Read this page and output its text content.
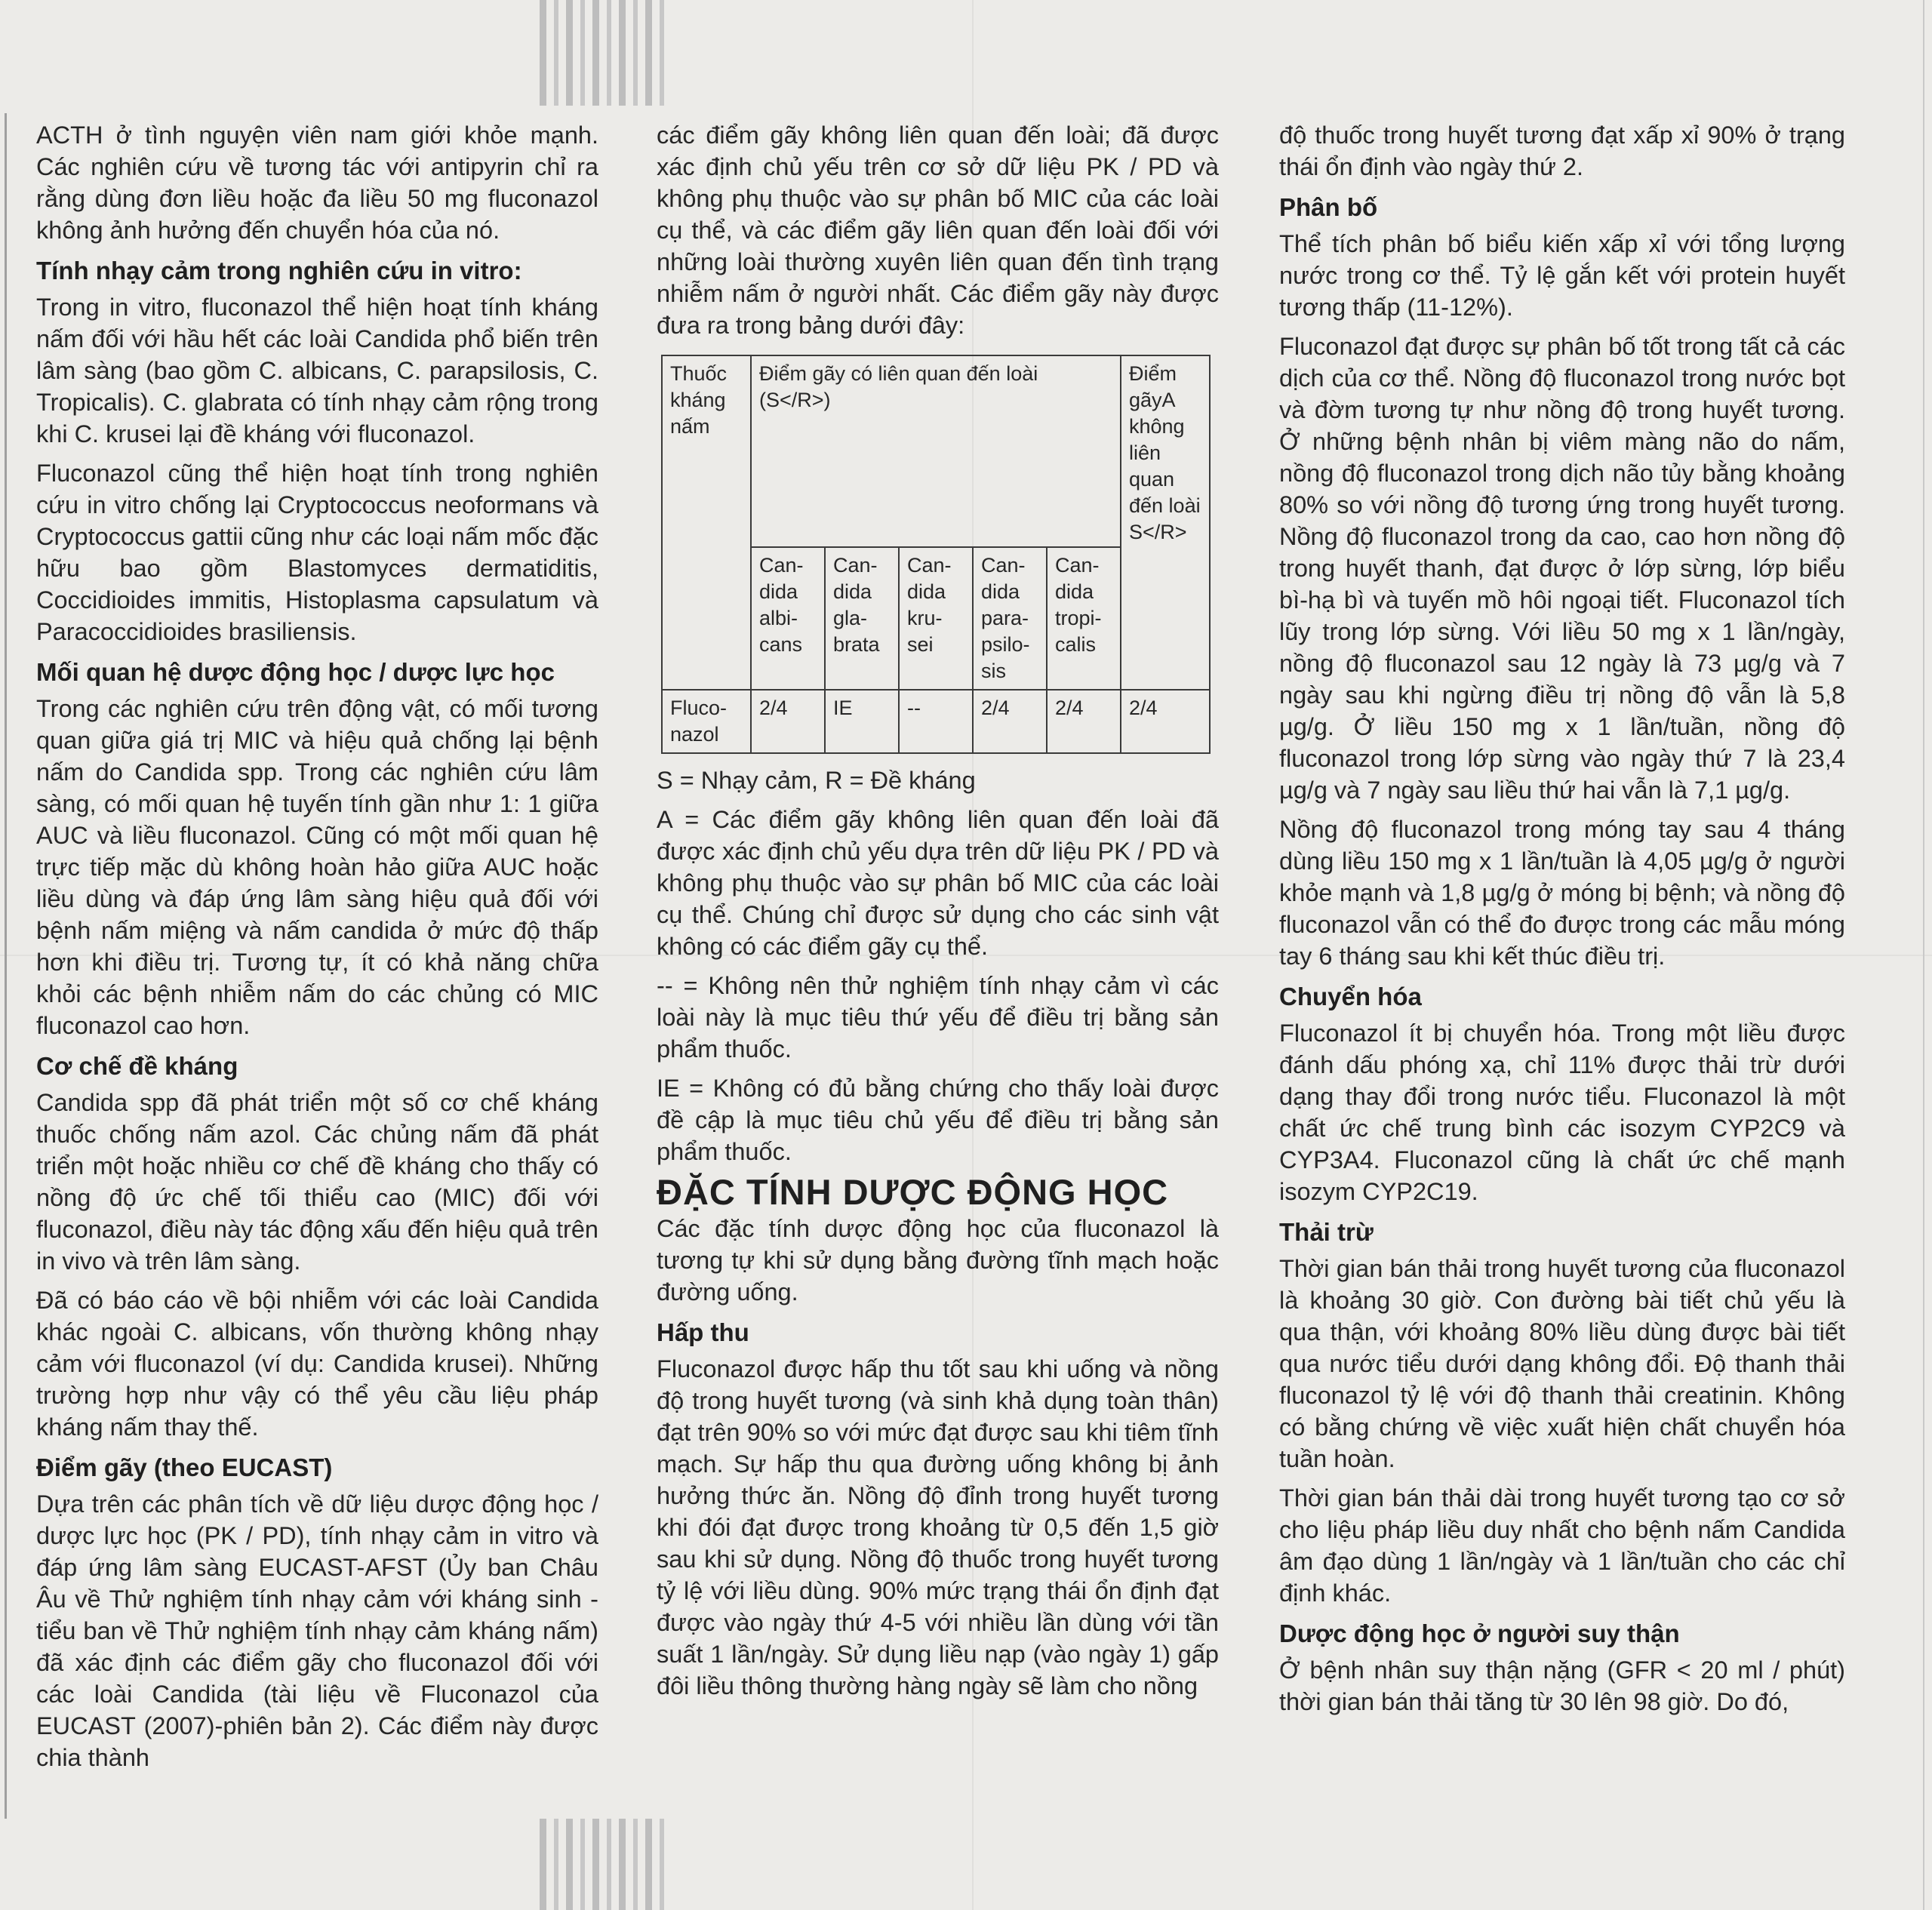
ACTH ở tình nguyện viên nam giới khỏe mạnh. Các nghiên cứu về tương tác với antipyrin chỉ ra rằng dùng đơn liều hoặc đa liều 50 mg fluconazol không ảnh hưởng đến chuyển hóa của nó.

Tính nhạy cảm trong nghiên cứu in vitro:

Trong in vitro, fluconazol thể hiện hoạt tính kháng nấm đối với hầu hết các loài Candida phổ biến trên lâm sàng (bao gồm C. albicans, C. parapsilosis, C. Tropicalis). C. glabrata có tính nhạy cảm rộng trong khi C. krusei lại đề kháng với fluconazol.

Fluconazol cũng thể hiện hoạt tính trong nghiên cứu in vitro chống lại Cryptococcus neoformans và Cryptococcus gattii cũng như các loại nấm mốc đặc hữu bao gồm Blastomyces dermatiditis, Coccidioides immitis, Histoplasma capsulatum và Paracoccidioides brasiliensis.

Mối quan hệ dược động học / dược lực học

Trong các nghiên cứu trên động vật, có mối tương quan giữa giá trị MIC và hiệu quả chống lại bệnh nấm do Candida spp. Trong các nghiên cứu lâm sàng, có mối quan hệ tuyến tính gần như 1: 1 giữa AUC và liều fluconazol. Cũng có một mối quan hệ trực tiếp mặc dù không hoàn hảo giữa AUC hoặc liều dùng và đáp ứng lâm sàng hiệu quả đối với bệnh nấm miệng và nấm candida ở mức độ thấp hơn khi điều trị. Tương tự, ít có khả năng chữa khỏi các bệnh nhiễm nấm do các chủng có MIC fluconazol cao hơn.

Cơ chế đề kháng

Candida spp đã phát triển một số cơ chế kháng thuốc chống nấm azol. Các chủng nấm đã phát triển một hoặc nhiều cơ chế đề kháng cho thấy có nồng độ ức chế tối thiểu cao (MIC) đối với fluconazol, điều này tác động xấu đến hiệu quả trên in vivo và trên lâm sàng.

Đã có báo cáo về bội nhiễm với các loài Candida khác ngoài C. albicans, vốn thường không nhạy cảm với fluconazol (ví dụ: Candida krusei). Những trường hợp như vậy có thể yêu cầu liệu pháp kháng nấm thay thế.

Điểm gãy (theo EUCAST)

Dựa trên các phân tích về dữ liệu dược động học / dược lực học (PK / PD), tính nhạy cảm in vitro và đáp ứng lâm sàng EUCAST-AFST (Ủy ban Châu Âu về Thử nghiệm tính nhạy cảm với kháng sinh - tiểu ban về Thử nghiệm tính nhạy cảm kháng nấm) đã xác định các điểm gãy cho fluconazol đối với các loài Candida (tài liệu về Fluconazol của EUCAST (2007)-phiên bản 2). Các điểm này được chia thành

các điểm gãy không liên quan đến loài; đã được xác định chủ yếu trên cơ sở dữ liệu PK / PD và không phụ thuộc vào sự phân bố MIC của các loài cụ thể, và các điểm gãy liên quan đến loài đối với những loài thường xuyên liên quan đến tình trạng nhiễm nấm ở người nhất. Các điểm gãy này được đưa ra trong bảng dưới đây:

Thuốc kháng nấm	Điểm gãy có liên quan đến loài (S</R>)					Điểm gãyA không liên quan đến loài S</R>
	Can-dida albi-cans	Can-dida gla-brata	Can-dida kru-sei	Can-dida para-psilo-sis	Can-dida tropi-calis	
Fluco-nazol	2/4	IE	--	2/4	2/4	2/4

S = Nhạy cảm, R = Đề kháng

A = Các điểm gãy không liên quan đến loài đã được xác định chủ yếu dựa trên dữ liệu PK / PD và không phụ thuộc vào sự phân bố MIC của các loài cụ thể. Chúng chỉ được sử dụng cho các sinh vật không có các điểm gãy cụ thể.

-- = Không nên thử nghiệm tính nhạy cảm vì các loài này là mục tiêu thứ yếu để điều trị bằng sản phẩm thuốc.

IE = Không có đủ bằng chứng cho thấy loài được đề cập là mục tiêu chủ yếu để điều trị bằng sản phẩm thuốc.

ĐẶC TÍNH DƯỢC ĐỘNG HỌC

Các đặc tính dược động học của fluconazol là tương tự khi sử dụng bằng đường tĩnh mạch hoặc đường uống.

Hấp thu

Fluconazol được hấp thu tốt sau khi uống và nồng độ trong huyết tương (và sinh khả dụng toàn thân) đạt trên 90% so với mức đạt được sau khi tiêm tĩnh mạch. Sự hấp thu qua đường uống không bị ảnh hưởng thức ăn. Nồng độ đỉnh trong huyết tương khi đói đạt được trong khoảng từ 0,5 đến 1,5 giờ sau khi sử dụng. Nồng độ thuốc trong huyết tương tỷ lệ với liều dùng. 90% mức trạng thái ổn định đạt được vào ngày thứ 4-5 với nhiều lần dùng với tần suất 1 lần/ngày. Sử dụng liều nạp (vào ngày 1) gấp đôi liều thông thường hàng ngày sẽ làm cho nồng

độ thuốc trong huyết tương đạt xấp xỉ 90% ở trạng thái ổn định vào ngày thứ 2.

Phân bố

Thể tích phân bố biểu kiến xấp xỉ với tổng lượng nước trong cơ thể. Tỷ lệ gắn kết với protein huyết tương thấp (11-12%).

Fluconazol đạt được sự phân bố tốt trong tất cả các dịch của cơ thể. Nồng độ fluconazol trong nước bọt và đờm tương tự như nồng độ trong huyết tương. Ở những bệnh nhân bị viêm màng não do nấm, nồng độ fluconazol trong dịch não tủy bằng khoảng 80% so với nồng độ tương ứng trong huyết tương. Nồng độ fluconazol trong da cao, cao hơn nồng độ trong huyết thanh, đạt được ở lớp sừng, lớp biểu bì-hạ bì và tuyến mồ hôi ngoại tiết. Fluconazol tích lũy trong lớp sừng. Với liều 50 mg x 1 lần/ngày, nồng độ fluconazol sau 12 ngày là 73 µg/g và 7 ngày sau khi ngừng điều trị nồng độ vẫn là 5,8 µg/g. Ở liều 150 mg x 1 lần/tuần, nồng độ fluconazol trong lớp sừng vào ngày thứ 7 là 23,4 µg/g và 7 ngày sau liều thứ hai vẫn là 7,1 µg/g.

Nồng độ fluconazol trong móng tay sau 4 tháng dùng liều 150 mg x 1 lần/tuần là 4,05 µg/g ở người khỏe mạnh và 1,8 µg/g ở móng bị bệnh; và nồng độ fluconazol vẫn có thể đo được trong các mẫu móng tay 6 tháng sau khi kết thúc điều trị.

Chuyển hóa

Fluconazol ít bị chuyển hóa. Trong một liều được đánh dấu phóng xạ, chỉ 11% được thải trừ dưới dạng thay đổi trong nước tiểu. Fluconazol là một chất ức chế trung bình các isozym CYP2C9 và CYP3A4. Fluconazol cũng là chất ức chế mạnh isozym CYP2C19.

Thải trừ

Thời gian bán thải trong huyết tương của fluconazol là khoảng 30 giờ. Con đường bài tiết chủ yếu là qua thận, với khoảng 80% liều dùng được bài tiết qua nước tiểu dưới dạng không đổi. Độ thanh thải fluconazol tỷ lệ với độ thanh thải creatinin. Không có bằng chứng về việc xuất hiện chất chuyển hóa tuần hoàn.

Thời gian bán thải dài trong huyết tương tạo cơ sở cho liệu pháp liều duy nhất cho bệnh nấm Candida âm đạo dùng 1 lần/ngày và 1 lần/tuần cho các chỉ định khác.

Dược động học ở người suy thận

Ở bệnh nhân suy thận nặng (GFR < 20 ml / phút) thời gian bán thải tăng từ 30 lên 98 giờ. Do đó,
